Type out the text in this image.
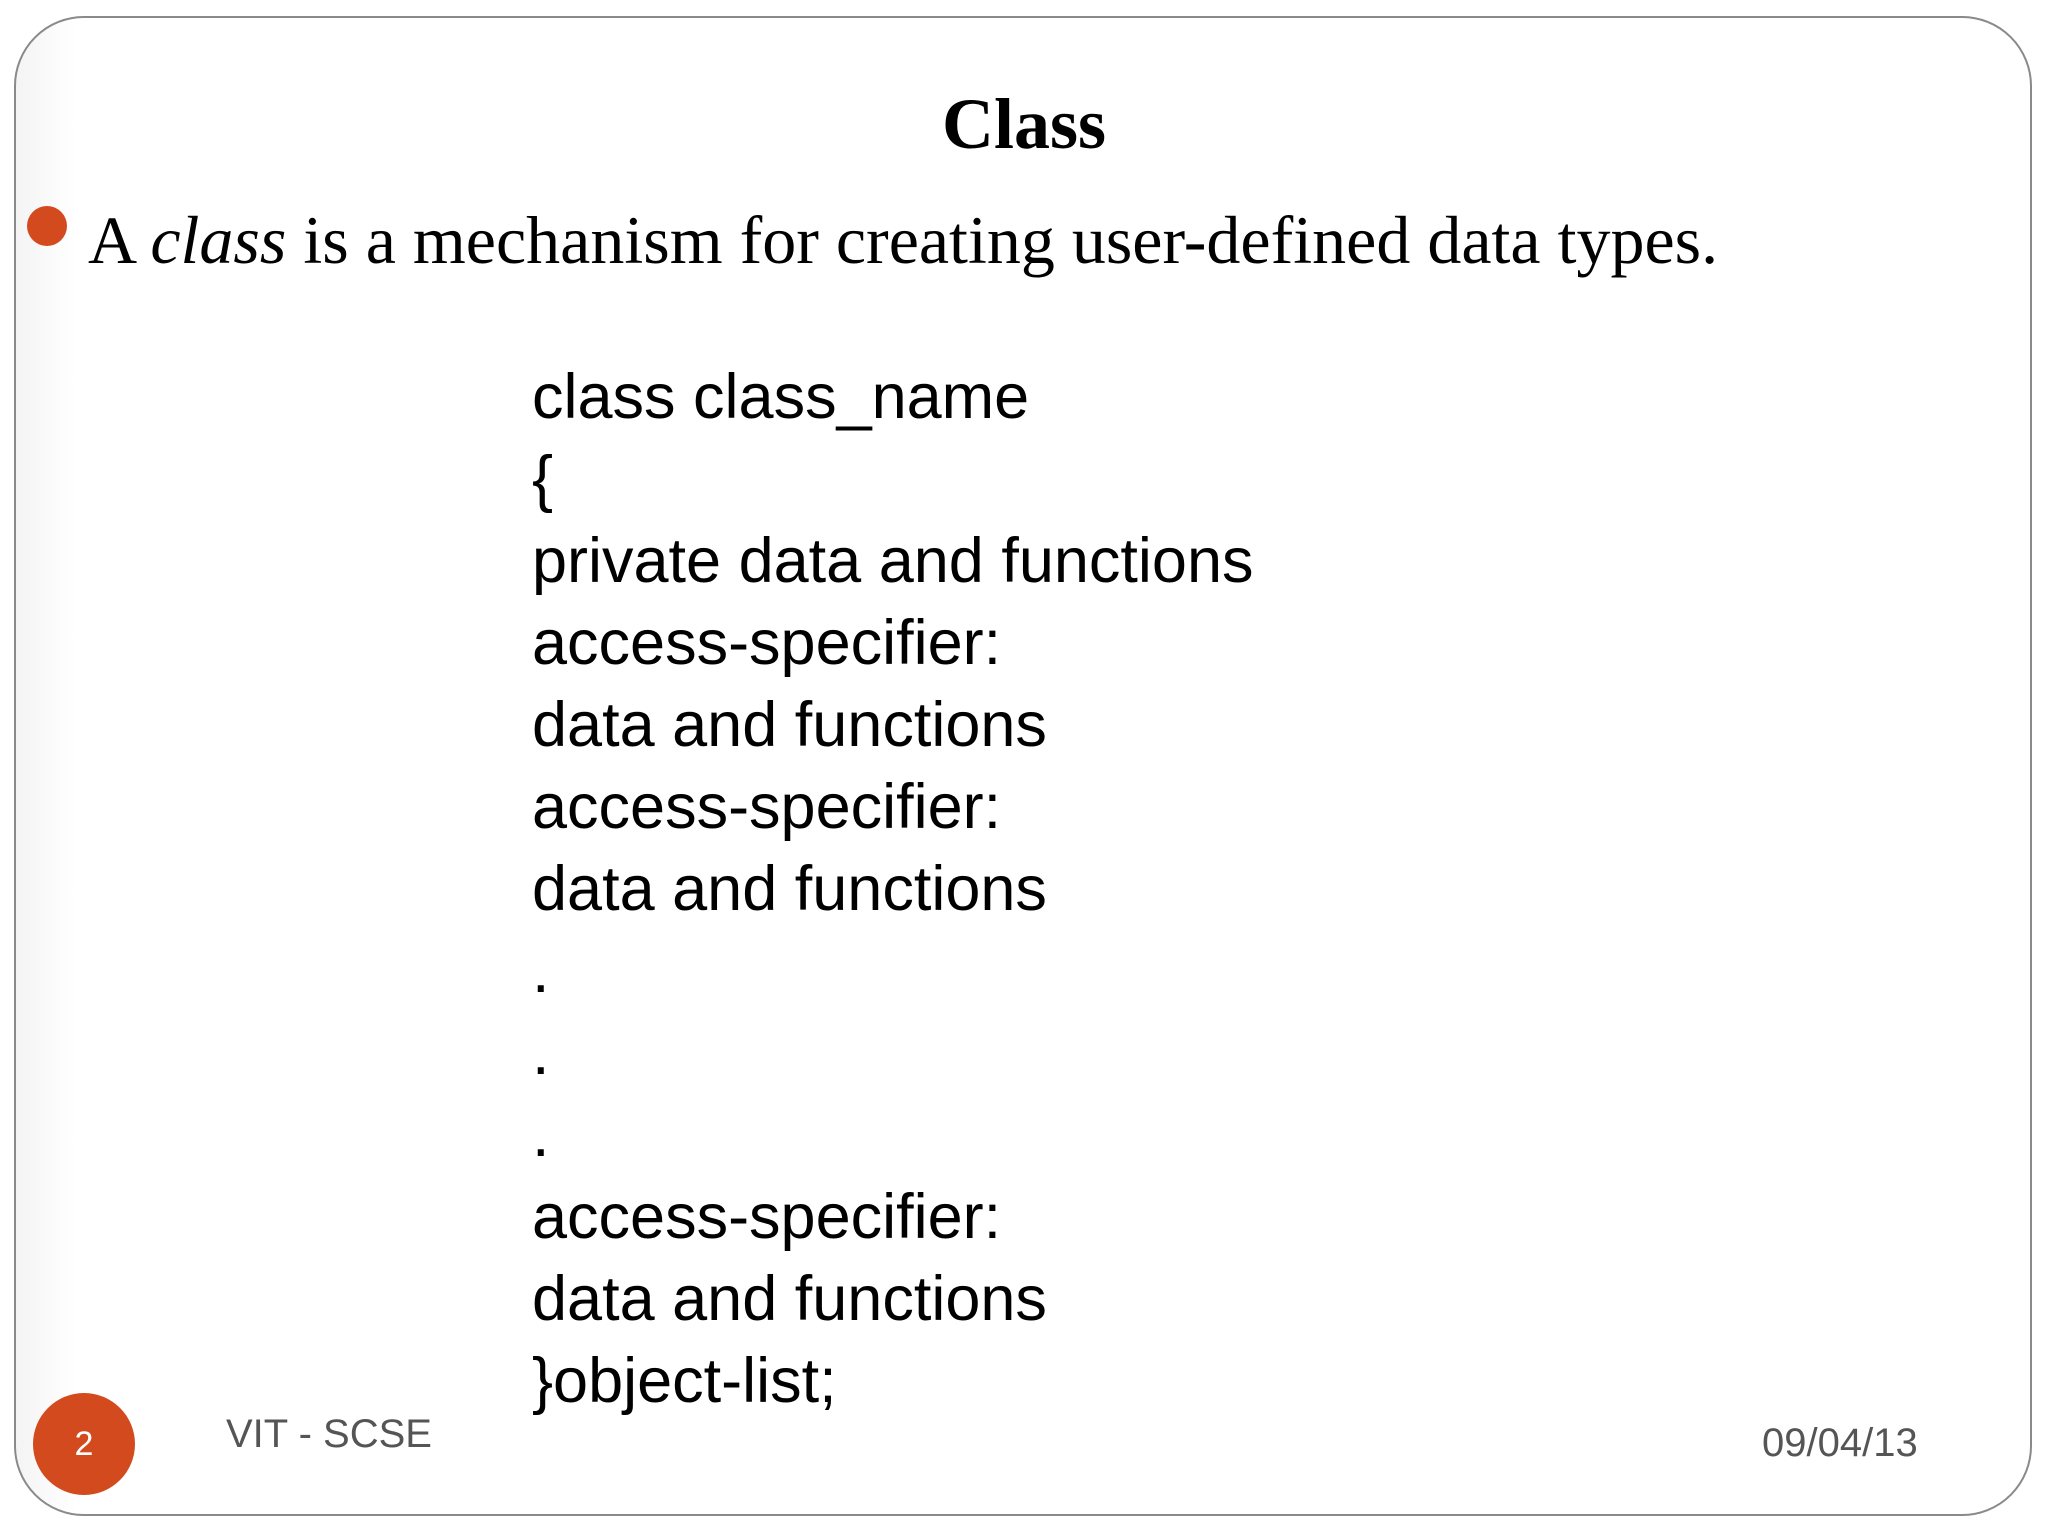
Class
A class is a mechanism for creating user-defined data types.
class class_name
{
private data and functions
access-specifier:
data and functions
access-specifier:
data and functions
.
.
.
access-specifier:
data and functions
}object-list;
2	VIT - SCSE	09/04/13
